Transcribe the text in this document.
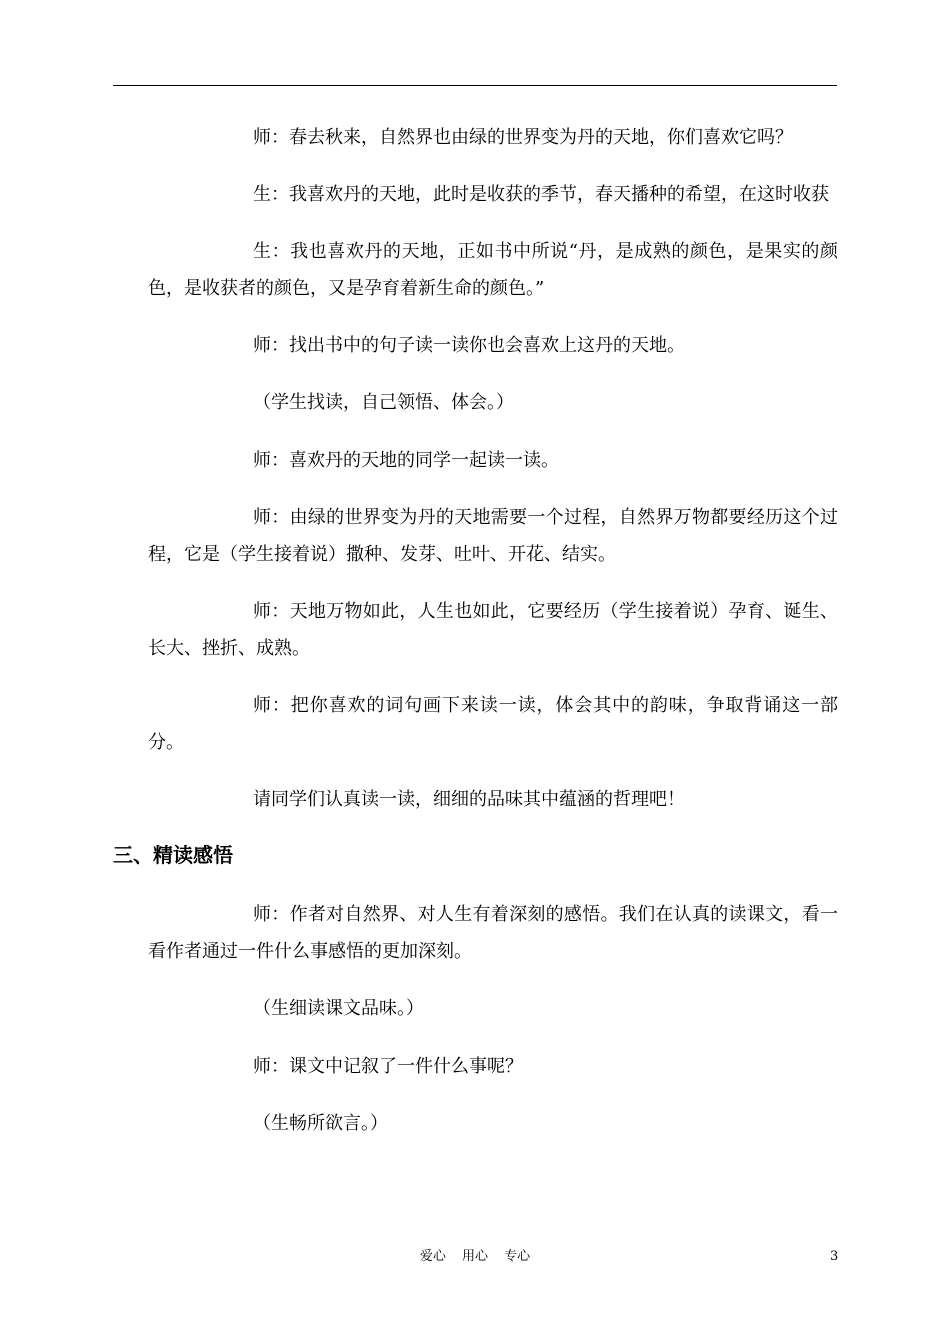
师：春去秋来，自然界也由绿的世界变为丹的天地，你们喜欢它吗？

生：我喜欢丹的天地，此时是收获的季节，春天播种的希望，在这时收获

生：我也喜欢丹的天地，正如书中所说“丹，是成熟的颜色，是果实的颜色，是收获者的颜色，又是孕育着新生命的颜色。”

师：找出书中的句子读一读你也会喜欢上这丹的天地。

（学生找读，自己领悟、体会。）

师：喜欢丹的天地的同学一起读一读。

师：由绿的世界变为丹的天地需要一个过程，自然界万物都要经历这个过程，它是（学生接着说）撒种、发芽、吐叶、开花、结实。

师：天地万物如此，人生也如此，它要经历（学生接着说）孕育、诞生、长大、挫折、成熟。

师：把你喜欢的词句画下来读一读，体会其中的韵味，争取背诵这一部分。

请同学们认真读一读，细细的品味其中蕴涵的哲理吧！

三、精读感悟

师：作者对自然界、对人生有着深刻的感悟。我们在认真的读课文，看一看作者通过一件什么事感悟的更加深刻。

（生细读课文品味。）

师：课文中记叙了一件什么事呢？

（生畅所欲言。）

爱心 用心 专心	3
